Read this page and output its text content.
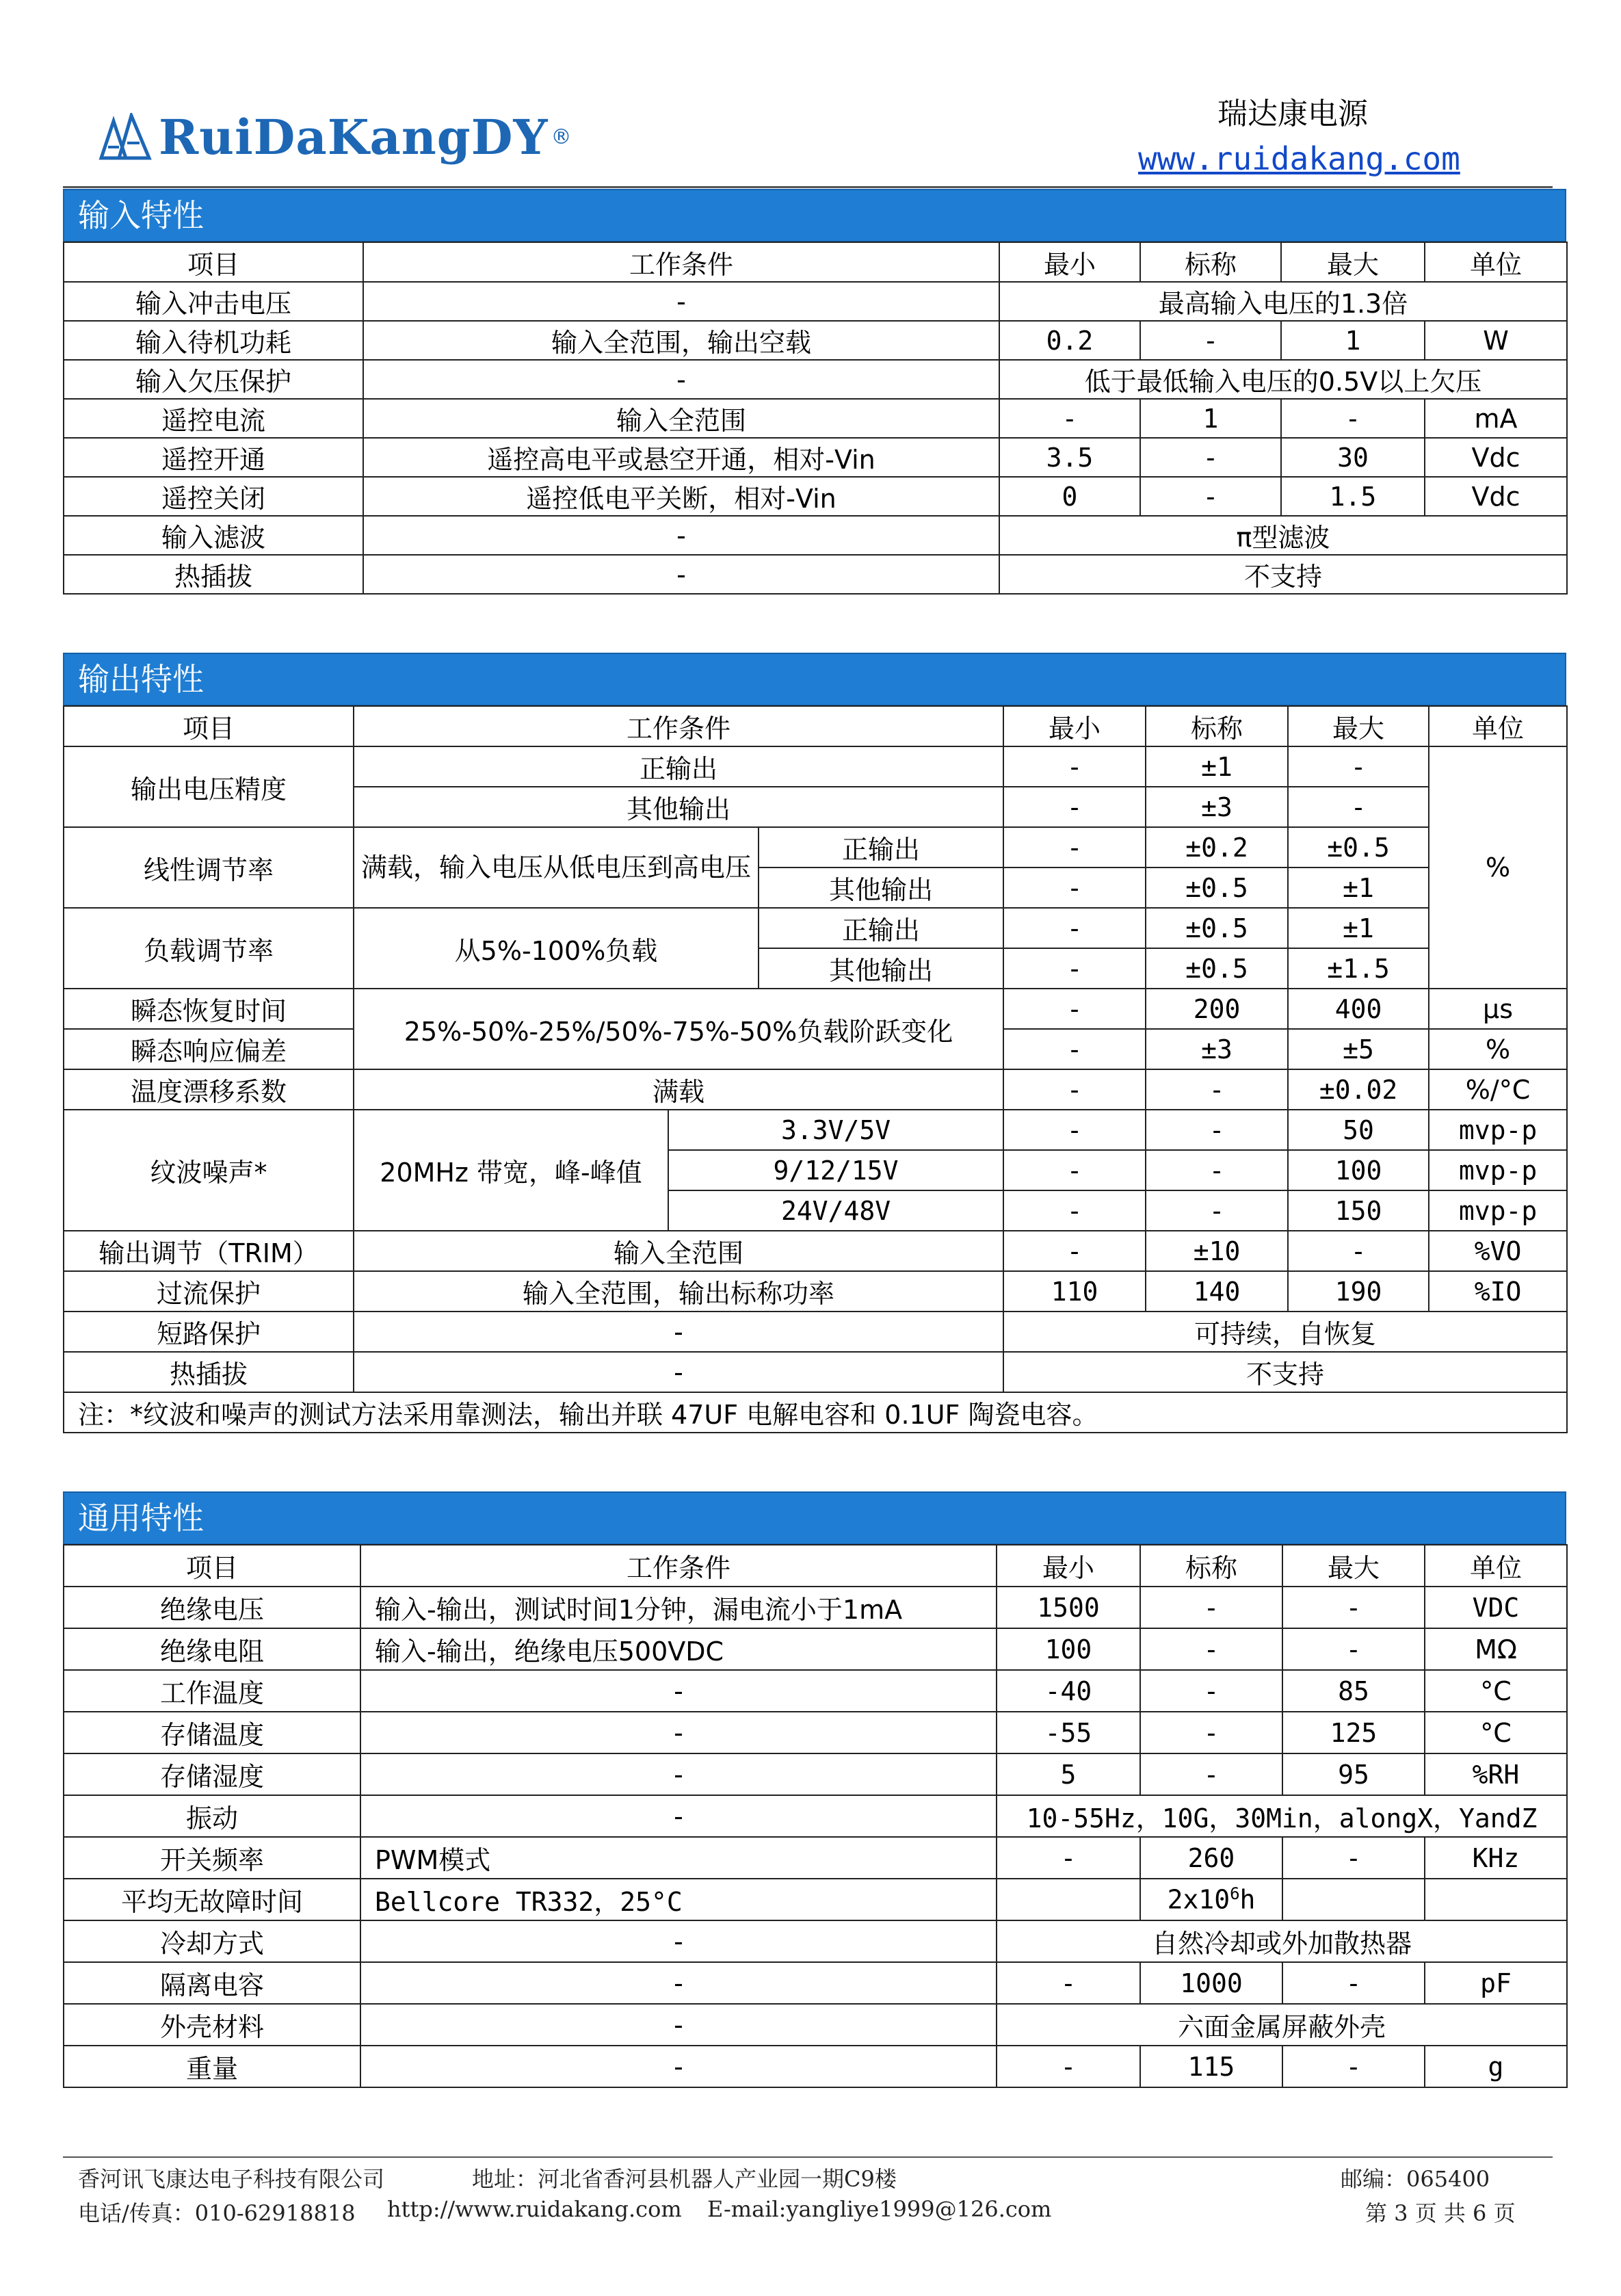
RuiDaKangDY ®
瑞达康电源
www.ruidakang.com
输入特性
项目	工作条件	最小	标称	最大	单位
输入冲击电压	-	最高输入电压的1.3倍			
输入待机功耗	输入全范围，输出空载	0.2	-	1	W
输入欠压保护	-	低于最低输入电压的0.5V以上欠压			
遥控电流	输入全范围	-	1	-	mA
遥控开通	遥控高电平或悬空开通，相对-Vin	3.5	-	30	Vdc
遥控关闭	遥控低电平关断，相对-Vin	0	-	1.5	Vdc
输入滤波	-	π型滤波			
热插拔	-	不支持			
输出特性
项目	工作条件			最小	标称	最大	单位
输出电压精度	正输出			-	±1	-	%
	其他输出			-	±3	-	
线性调节率	满载，输入电压从低电压到高电压		正输出	-	±0.2	±0.5	
			其他输出	-	±0.5	±1	
负载调节率	从5%-100%负载		正输出	-	±0.5	±1	
			其他输出	-	±0.5	±1.5	
瞬态恢复时间	25%-50%-25%/50%-75%-50%负载阶跃变化			-	200	400	μs
瞬态响应偏差				-	±3	±5	%
温度漂移系数	满载			-	-	±0.02	%/°C
纹波噪声*	20MHz 带宽，峰-峰值	3.3V/5V		-	-	50	mvp-p
		9/12/15V		-	-	100	mvp-p
		24V/48V		-	-	150	mvp-p
输出调节（TRIM）	输入全范围			-	±10	-	%VO
过流保护	输入全范围，输出标称功率			110	140	190	%IO
短路保护	-			可持续，自恢复			
热插拔	-			不支持			
注：*纹波和噪声的测试方法采用靠测法，输出并联 47UF 电解电容和 0.1UF 陶瓷电容。							
通用特性
项目	工作条件	最小	标称	最大	单位
绝缘电压	输入-输出，测试时间1分钟，漏电流小于1mA	1500	-	-	VDC
绝缘电阻	输入-输出，绝缘电压500VDC	100	-	-	MΩ
工作温度	-	-40	-	85	°C
存储温度	-	-55	-	125	°C
存储湿度	-	5	-	95	%RH
振动	-	10-55Hz，10G，30Min，alongX，YandZ			
开关频率	PWM模式	-	260	-	KHz
平均无故障时间	Bellcore TR332，25°C		$2x10^6h$		
冷却方式	-	自然冷却或外加散热器			
隔离电容	-	-	1000	-	pF
外壳材料	-	六面金属屏蔽外壳			
重量	-	-	115	-	g
香河讯飞康达电子科技有限公司	地址：河北省香河县机器人产业园一期C9楼	邮编：065400
电话/传真：010-62918818 http://www.ruidakang.com E-mail:yangliye1999@126.com	第 3 页 共 6 页
